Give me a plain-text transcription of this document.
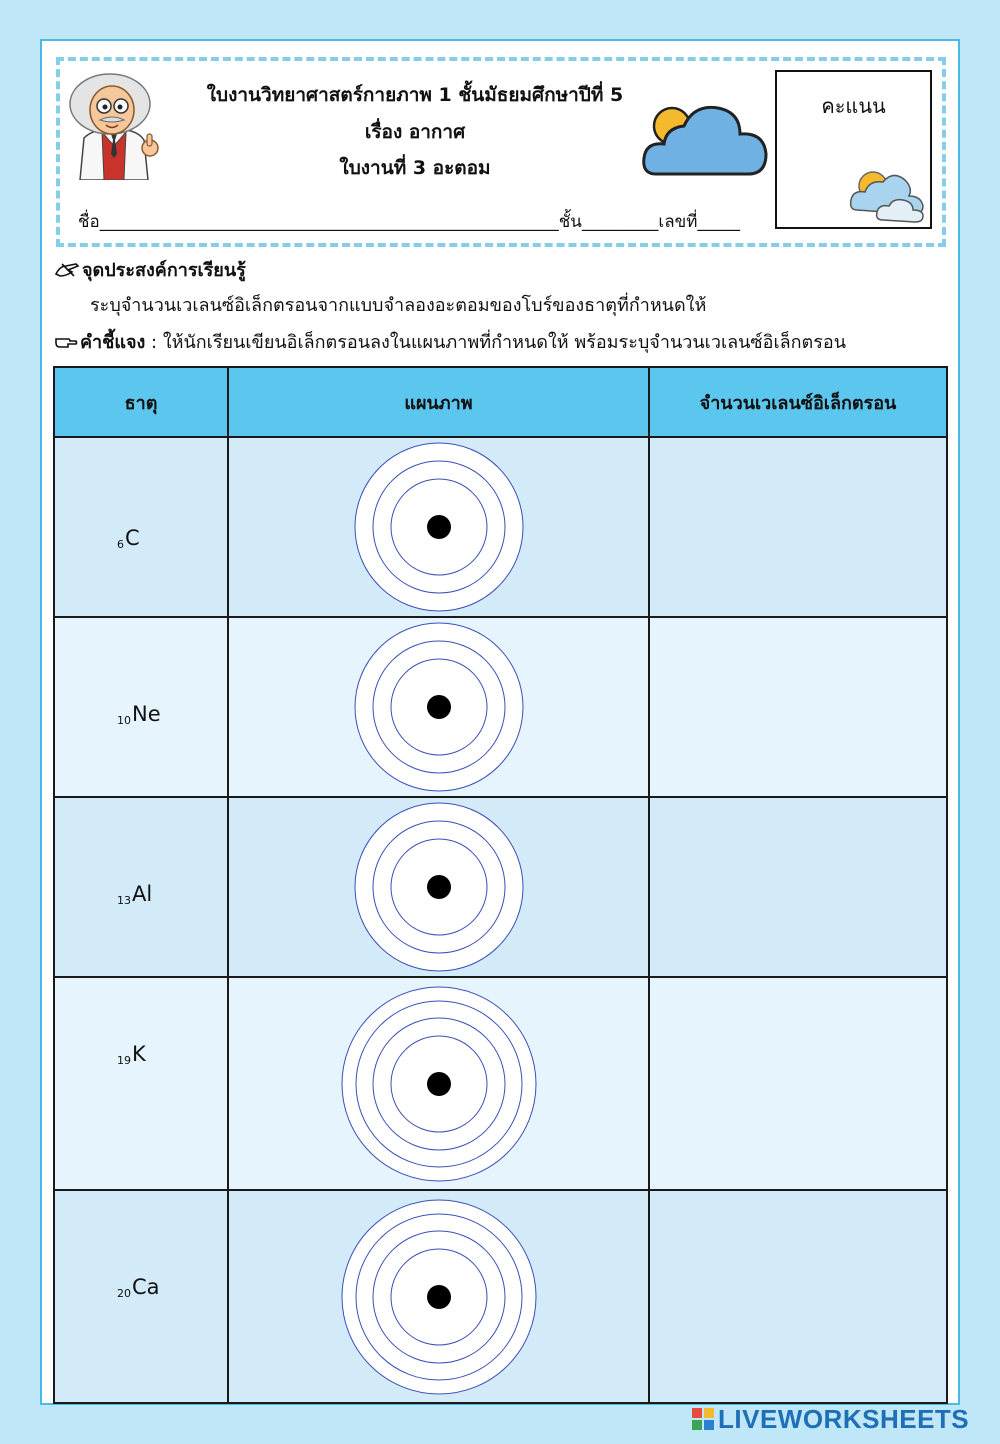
ใบงานวิทยาศาสตร์กายภาพ 1 ชั้นมัธยมศึกษาปีที่ 5
เรื่อง อากาศ
ใบงานที่ 3 อะตอม
ชื่อ______________________________________________________ชั้น_________เลขที่_____
คะแนน
จุดประสงค์การเรียนรู้
ระบุจำนวนเวเลนซ์อิเล็กตรอนจากแบบจำลองอะตอมของโบร์ของธาตุที่กำหนดให้
คำชี้แจง : ให้นักเรียนเขียนอิเล็กตรอนลงในแผนภาพที่กำหนดให้ พร้อมระบุจำนวนเวเลนซ์อิเล็กตรอน
ธาตุ	แผนภาพ	จำนวนเวเลนซ์อิเล็กตรอน

$_6$C

$_{10}$Ne

$_{13}$Al

$_{19}$K

$_{20}$Ca

LIVEWORKSHEETS
